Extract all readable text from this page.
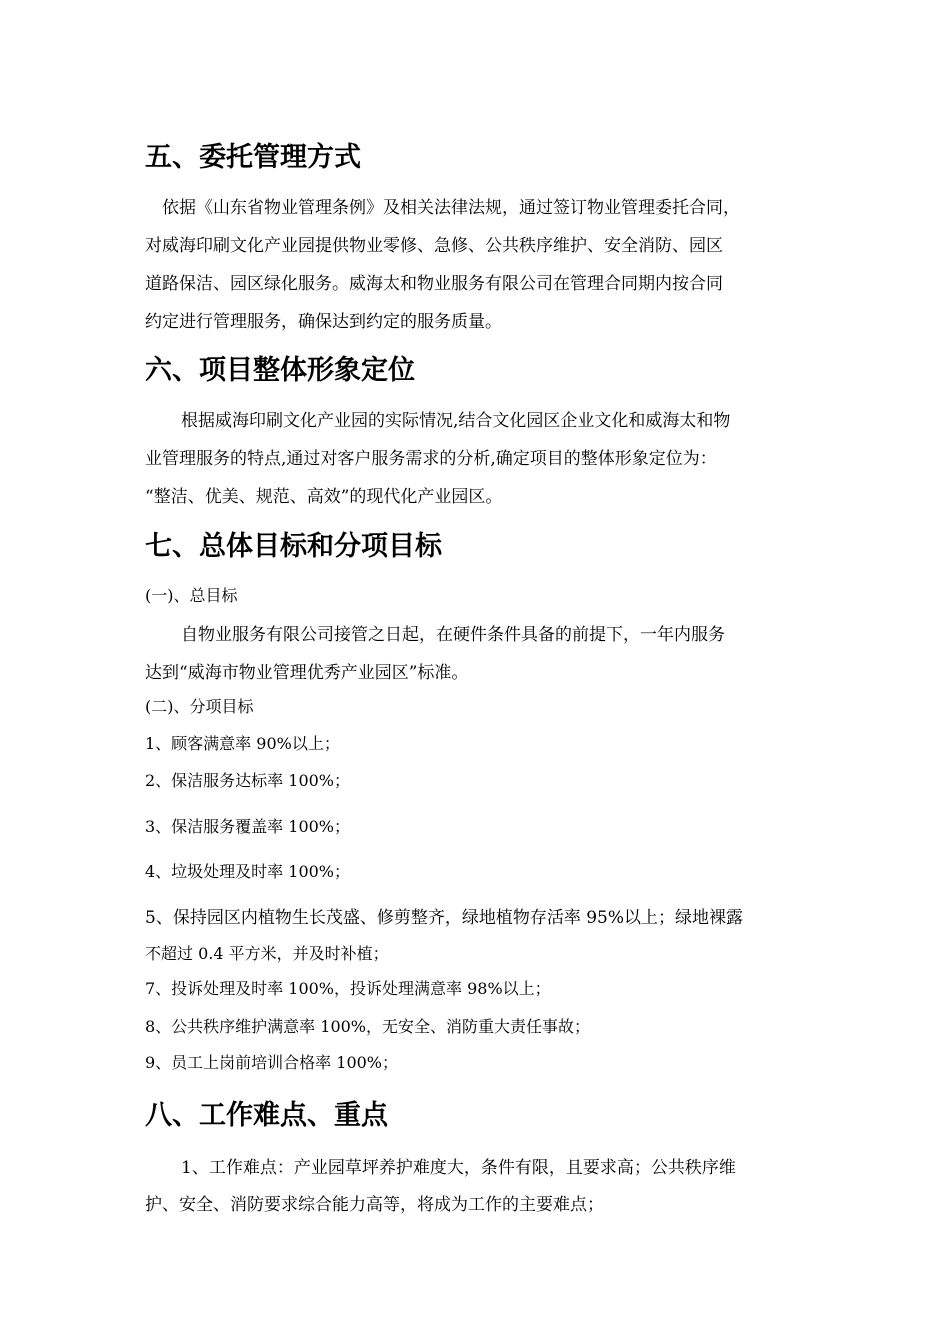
五、委托管理方式
依据《山东省物业管理条例》及相关法律法规，通过签订物业管理委托合同，
对威海印刷文化产业园提供物业零修、急修、公共秩序维护、安全消防、园区
道路保洁、园区绿化服务。威海太和物业服务有限公司在管理合同期内按合同
约定进行管理服务，确保达到约定的服务质量。
六、项目整体形象定位
根据威海印刷文化产业园的实际情况,结合文化园区企业文化和威海太和物
业管理服务的特点,通过对客户服务需求的分析,确定项目的整体形象定位为：
“整洁、优美、规范、高效”的现代化产业园区。
七、总体目标和分项目标
(一)、总目标
自物业服务有限公司接管之日起，在硬件条件具备的前提下，一年内服务
达到“威海市物业管理优秀产业园区”标准。
(二)、分项目标
1、顾客满意率 90%以上；
2、保洁服务达标率 100%；
3、保洁服务覆盖率 100%；
4、垃圾处理及时率 100%；
5、保持园区内植物生长茂盛、修剪整齐，绿地植物存活率 95%以上；绿地裸露
不超过 0.4 平方米，并及时补植；
7、投诉处理及时率 100%，投诉处理满意率 98%以上；
8、公共秩序维护满意率 100%，无安全、消防重大责任事故；
9、员工上岗前培训合格率 100%；
八、工作难点、重点
1、工作难点：产业园草坪养护难度大，条件有限，且要求高；公共秩序维
护、安全、消防要求综合能力高等，将成为工作的主要难点；
